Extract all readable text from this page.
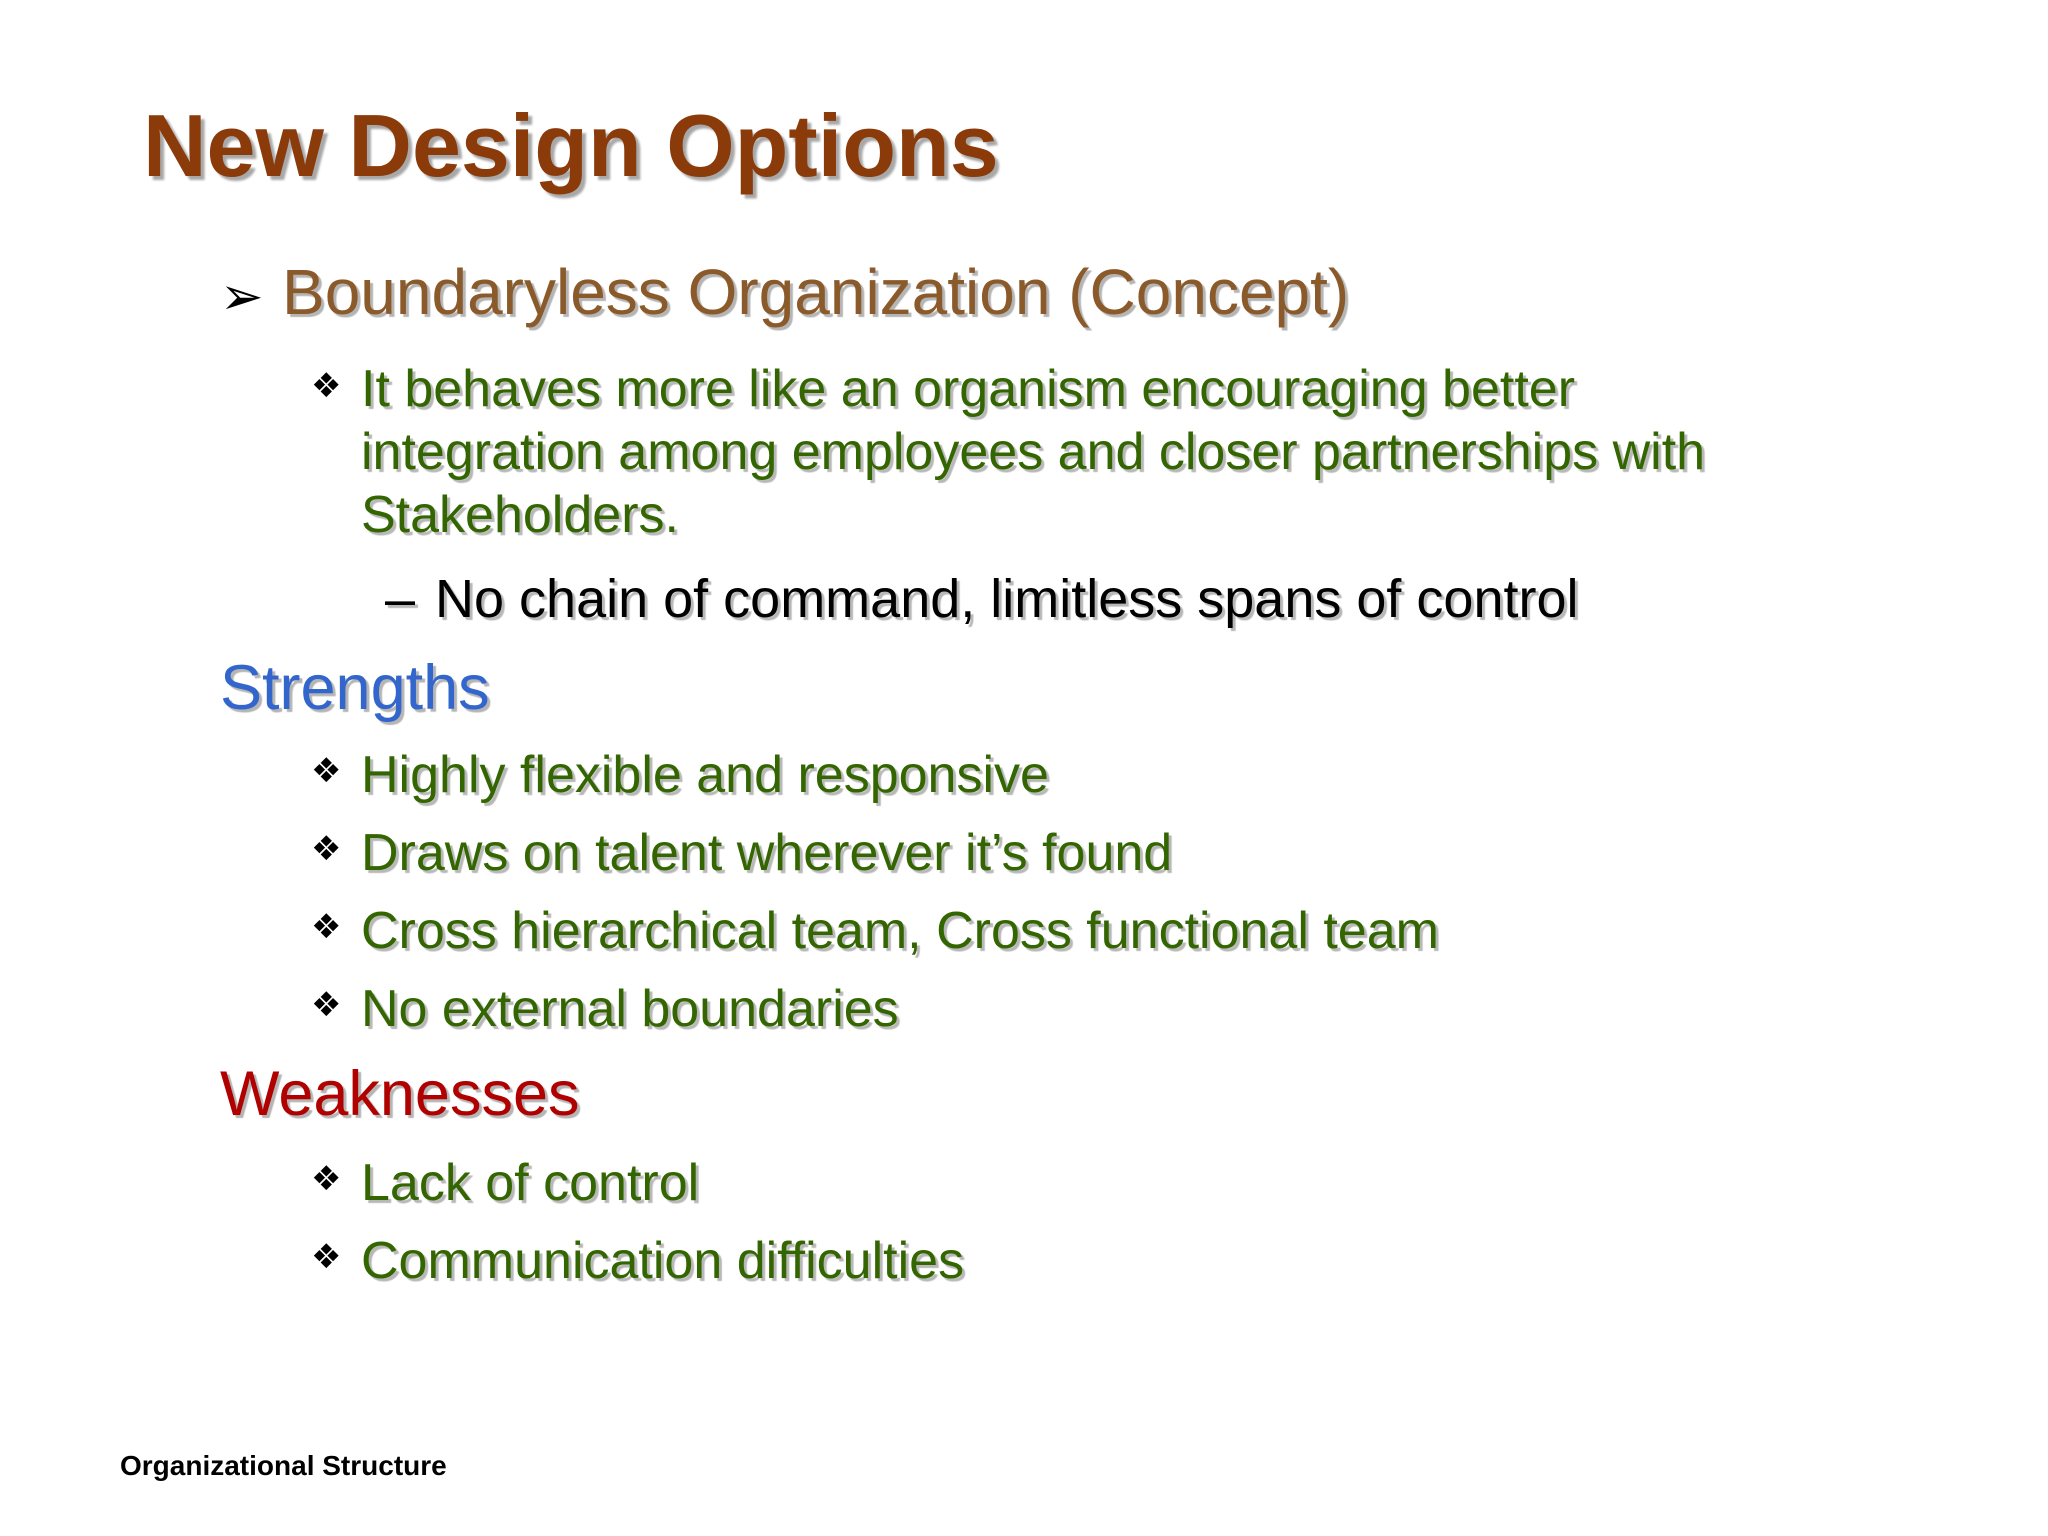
New Design Options
➢ Boundaryless Organization (Concept)
❖ It behaves more like an organism encouraging better
integration among employees and closer partnerships with
Stakeholders.
– No chain of command, limitless spans of control
Strengths
❖ Highly flexible and responsive
❖ Draws on talent wherever it’s found
❖ Cross hierarchical team, Cross functional team
❖ No external boundaries
Weaknesses
❖ Lack of control
❖ Communication difficulties
Organizational Structure
